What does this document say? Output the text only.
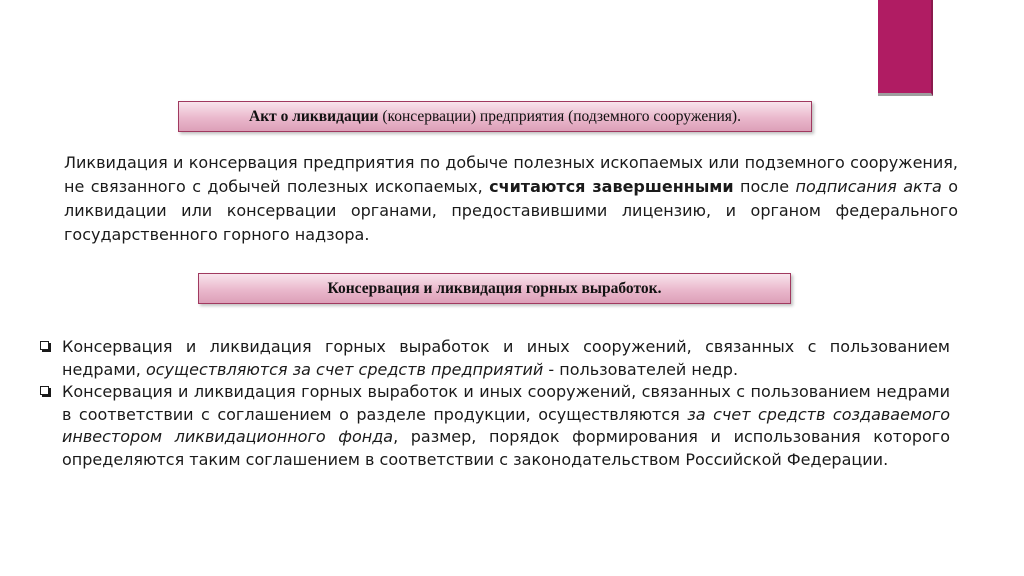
Акт о ликвидации (консервации) предприятия (подземного сооружения).
Ликвидация и консервация предприятия по добыче полезных ископаемых или подземного сооружения, не связанного с добычей полезных ископаемых, считаются завершенными после подписания акта о ликвидации или консервации органами, предоставившими лицензию, и органом федерального государственного горного надзора.
Консервация и ликвидация горных выработок.
Консервация и ликвидация горных выработок и иных сооружений, связанных с пользованием недрами, осуществляются за счет средств предприятий - пользователей недр.
Консервация и ликвидация горных выработок и иных сооружений, связанных с пользованием недрами в соответствии с соглашением о разделе продукции, осуществляются за счет средств создаваемого инвестором ликвидационного фонда, размер, порядок формирования и использования которого определяются таким соглашением в соответствии с законодательством Российской Федерации.
